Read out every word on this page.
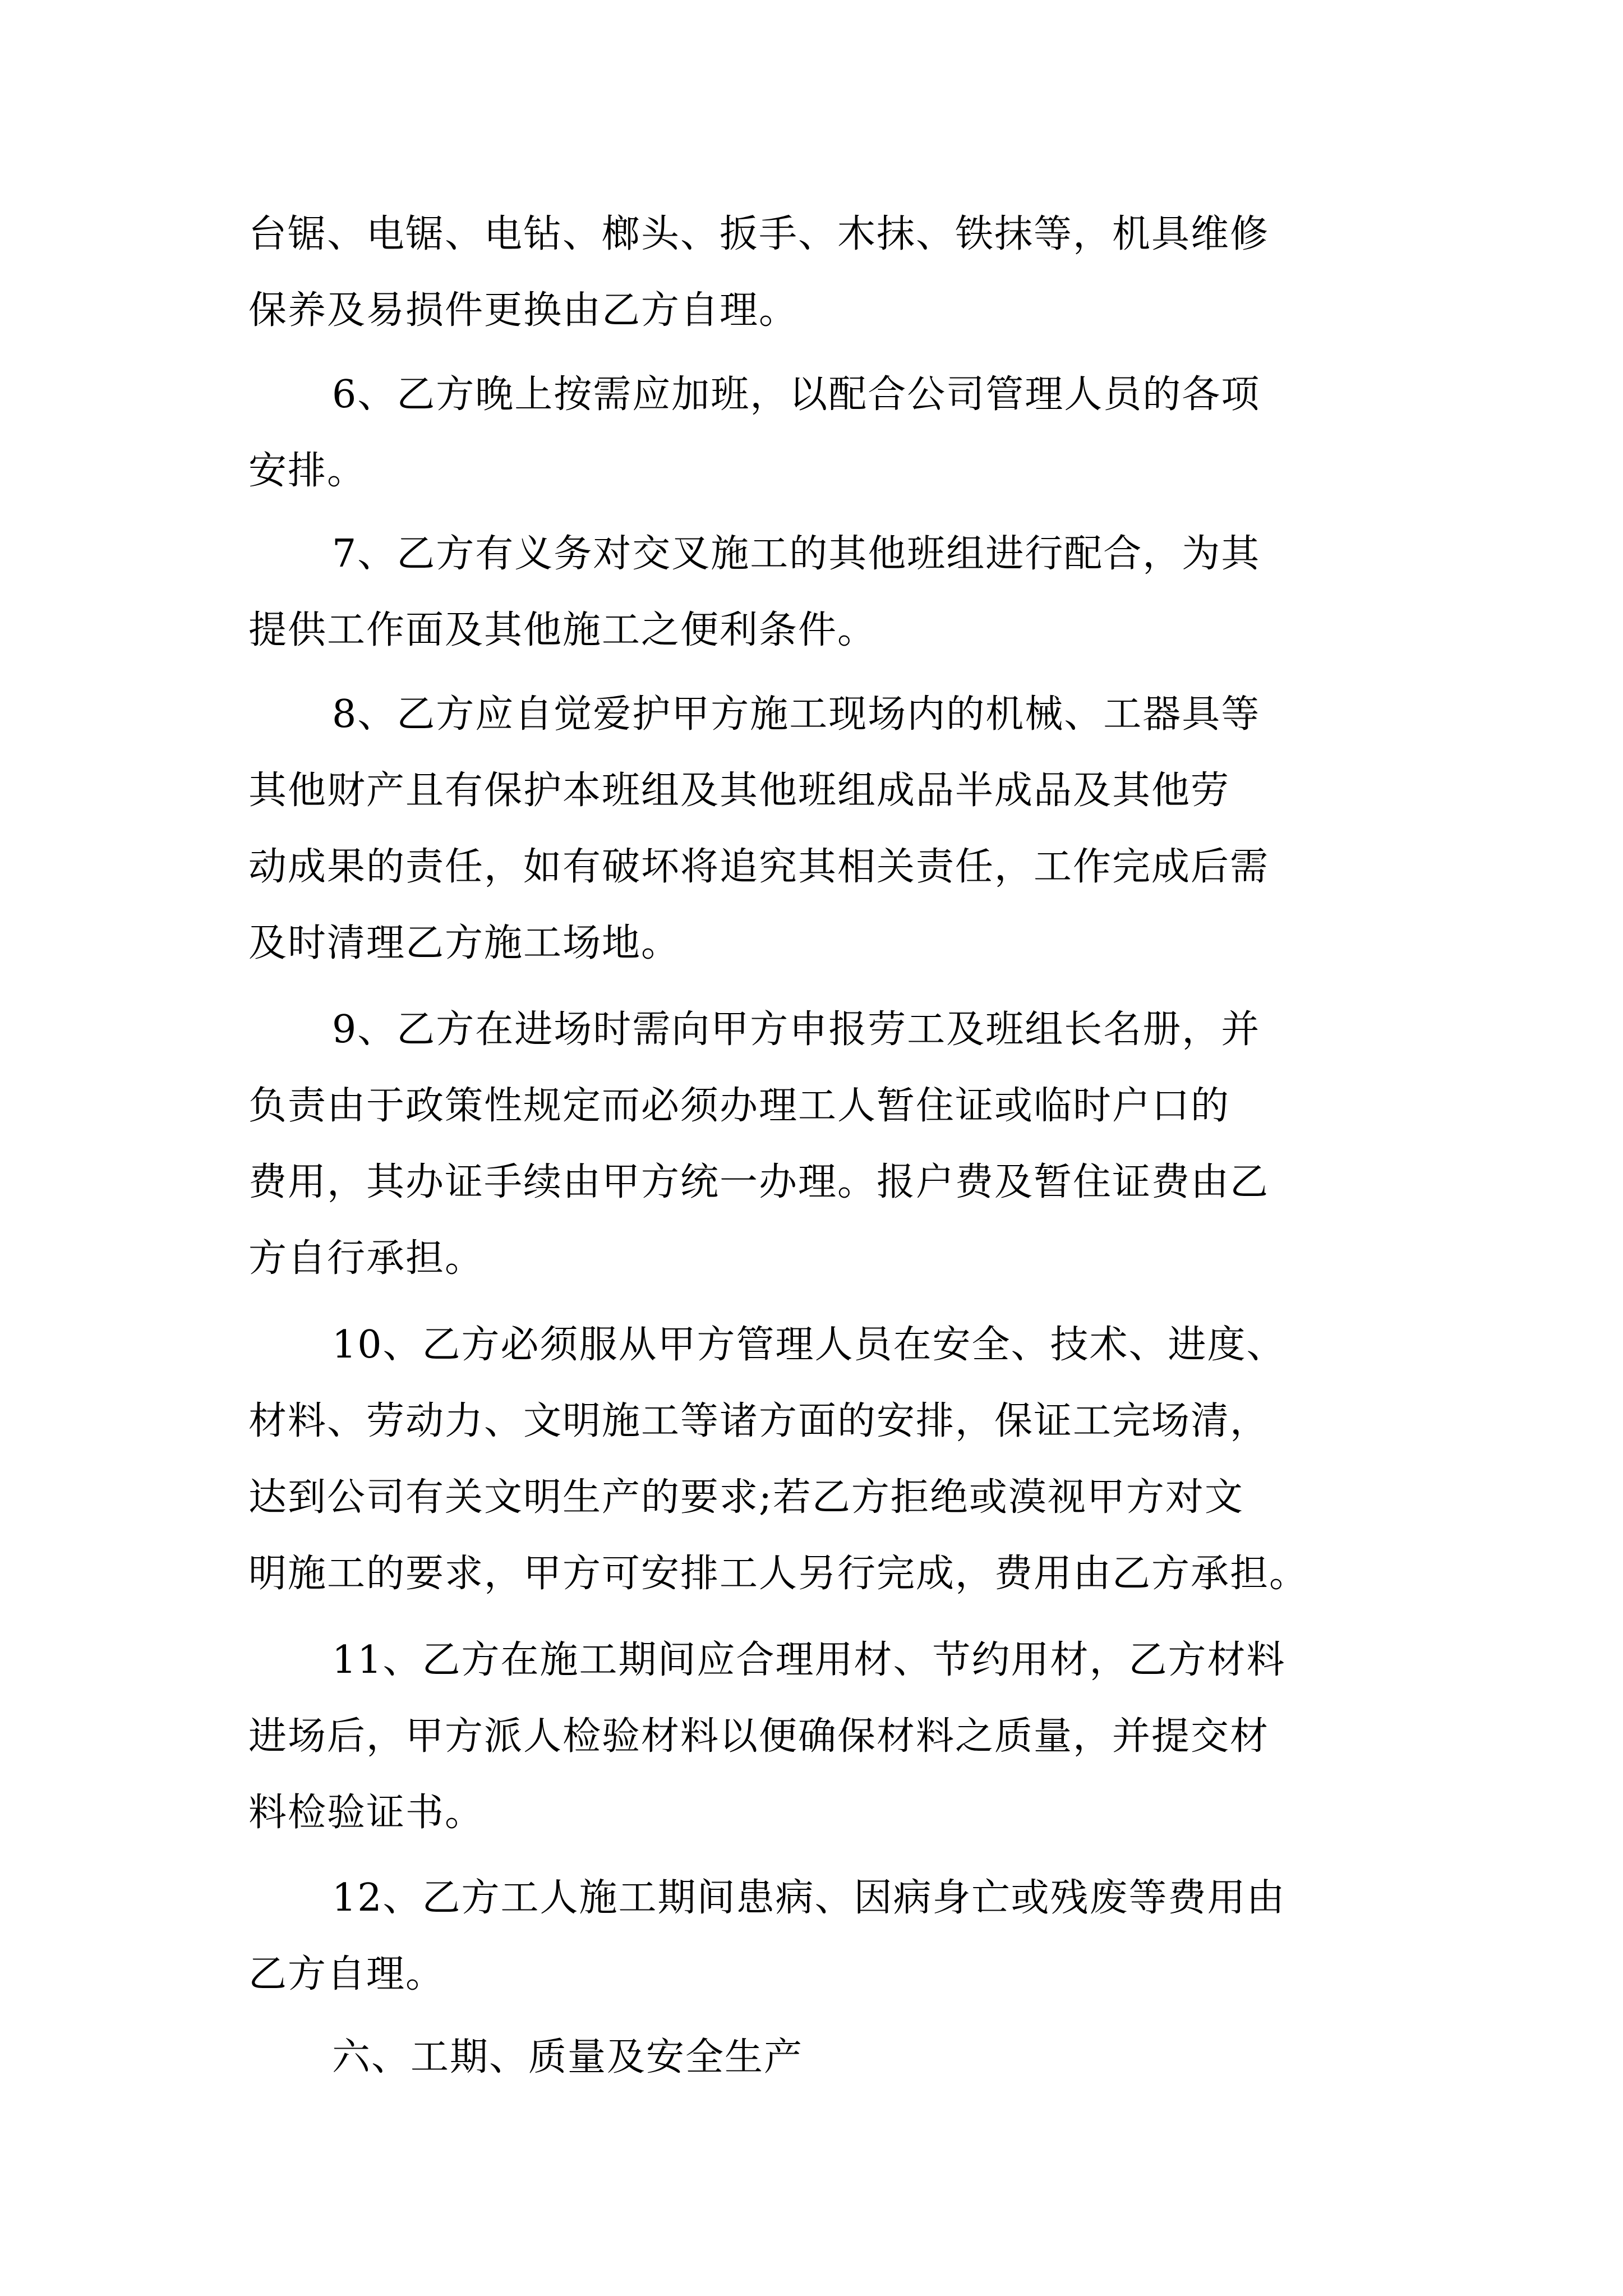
台锯、电锯、电钻、榔头、扳手、木抹、铁抹等，机具维修
保养及易损件更换由乙方自理。
6、乙方晚上按需应加班，以配合公司管理人员的各项
安排。
7、乙方有义务对交叉施工的其他班组进行配合，为其
提供工作面及其他施工之便利条件。
8、乙方应自觉爱护甲方施工现场内的机械、工器具等
其他财产且有保护本班组及其他班组成品半成品及其他劳
动成果的责任，如有破坏将追究其相关责任，工作完成后需
及时清理乙方施工场地。
9、乙方在进场时需向甲方申报劳工及班组长名册，并
负责由于政策性规定而必须办理工人暂住证或临时户口的
费用，其办证手续由甲方统一办理。报户费及暂住证费由乙
方自行承担。
10、乙方必须服从甲方管理人员在安全、技术、进度、
材料、劳动力、文明施工等诸方面的安排，保证工完场清，
达到公司有关文明生产的要求;若乙方拒绝或漠视甲方对文
明施工的要求，甲方可安排工人另行完成，费用由乙方承担。
11、乙方在施工期间应合理用材、节约用材，乙方材料
进场后，甲方派人检验材料以便确保材料之质量，并提交材
料检验证书。
12、乙方工人施工期间患病、因病身亡或残废等费用由
乙方自理。
六、工期、质量及安全生产
